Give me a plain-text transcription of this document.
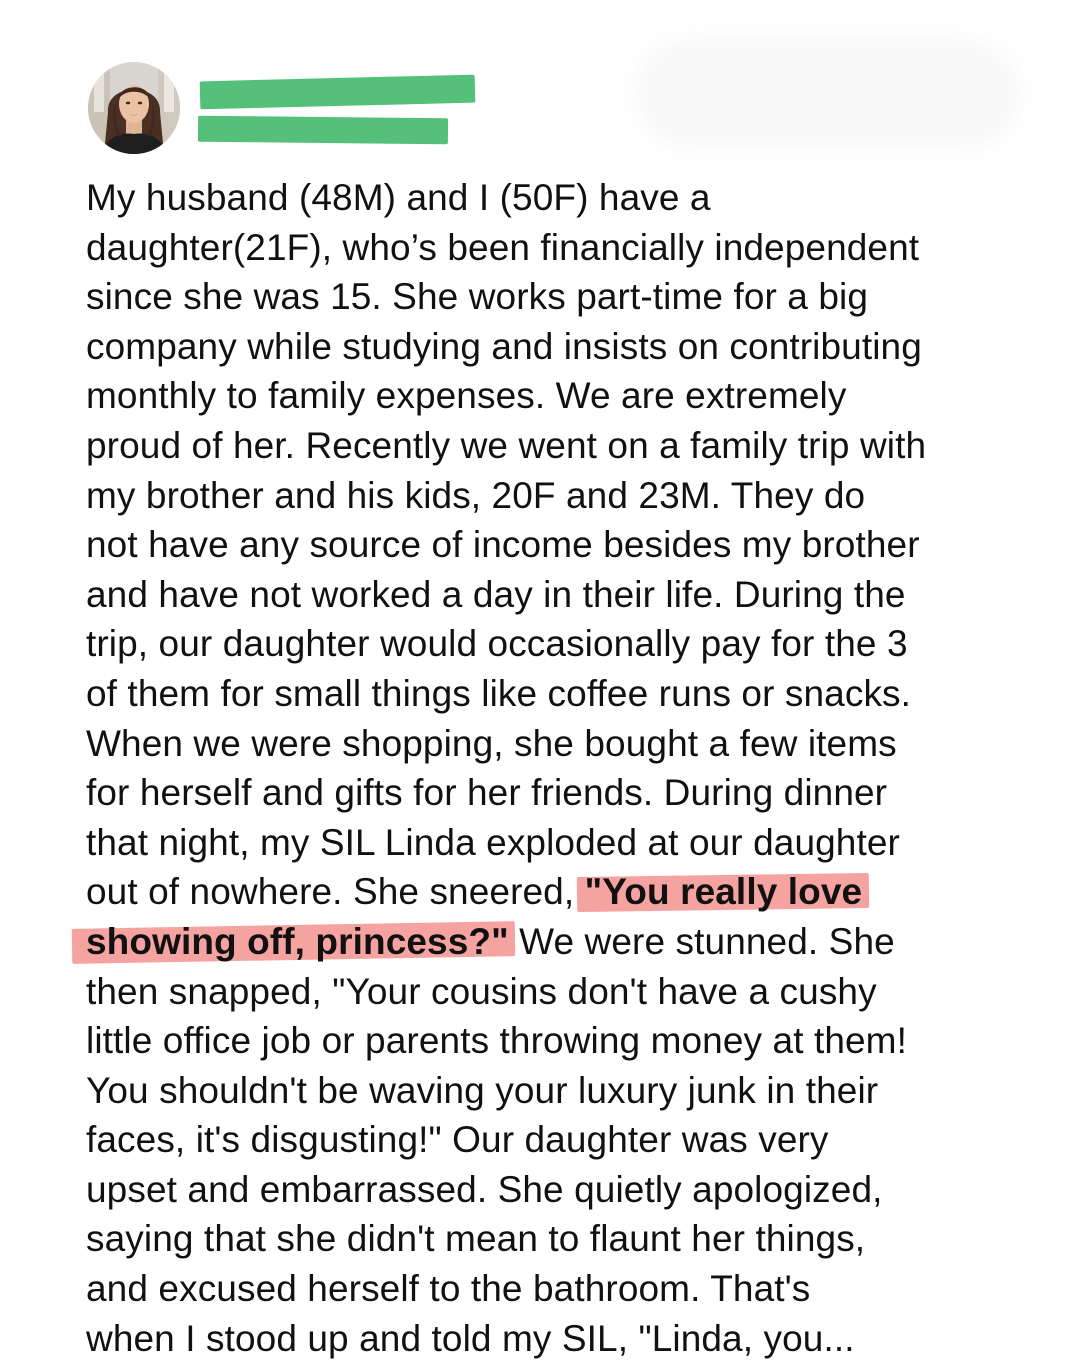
My husband (48M) and I (50F) have a
daughter(21F), who’s been financially independent
since she was 15. She works part-time for a big
company while studying and insists on contributing
monthly to family expenses. We are extremely
proud of her. Recently we went on a family trip with
my brother and his kids, 20F and 23M. They do
not have any source of income besides my brother
and have not worked a day in their life. During the
trip, our daughter would occasionally pay for the 3
of them for small things like coffee runs or snacks.
When we were shopping, she bought a few items
for herself and gifts for her friends. During dinner
that night, my SIL Linda exploded at our daughter
out of nowhere. She sneered, "You really love
showing off, princess?" We were stunned. She
then snapped, "Your cousins don't have a cushy
little office job or parents throwing money at them!
You shouldn't be waving your luxury junk in their
faces, it's disgusting!" Our daughter was very
upset and embarrassed. She quietly apologized,
saying that she didn't mean to flaunt her things,
and excused herself to the bathroom. That's
when I stood up and told my SIL, "Linda, you...
